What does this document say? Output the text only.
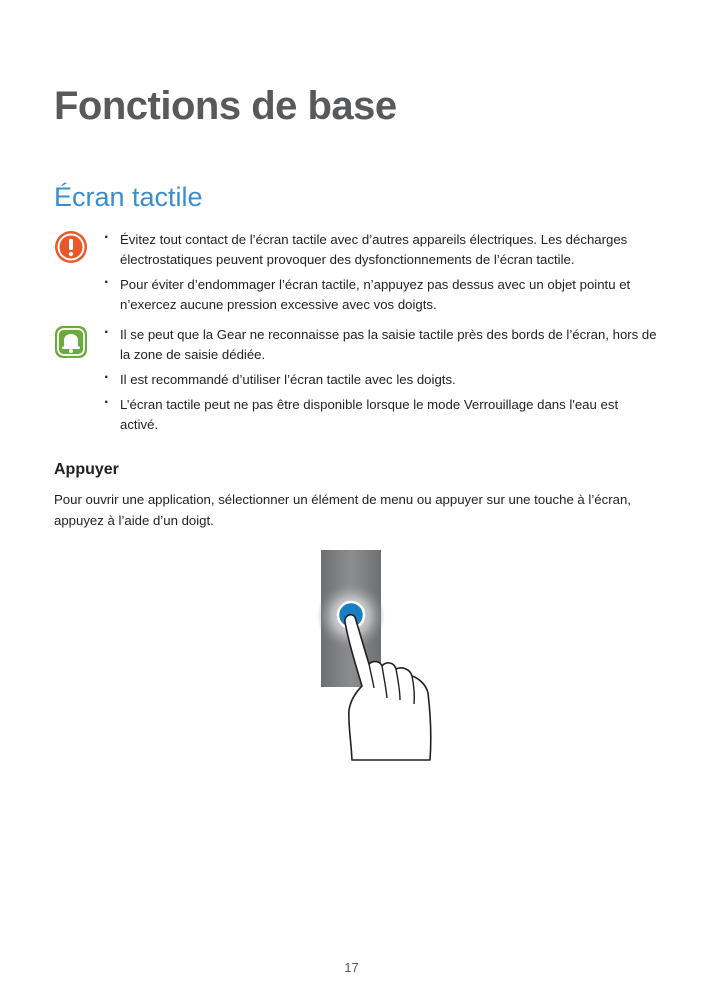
Fonctions de base
Écran tactile
· Évitez tout contact de l’écran tactile avec d’autres appareils électriques. Les décharges électrostatiques peuvent provoquer des dysfonctionnements de l’écran tactile.
· Pour éviter d’endommager l’écran tactile, n’appuyez pas dessus avec un objet pointu et n’exercez aucune pression excessive avec vos doigts.
· Il se peut que la Gear ne reconnaisse pas la saisie tactile près des bords de l’écran, hors de la zone de saisie dédiée.
· Il est recommandé d’utiliser l’écran tactile avec les doigts.
· L’écran tactile peut ne pas être disponible lorsque le mode Verrouillage dans l'eau est activé.
Appuyer

Pour ouvrir une application, sélectionner un élément de menu ou appuyer sur une touche à l’écran, appuyez à l’aide d’un doigt.

17
